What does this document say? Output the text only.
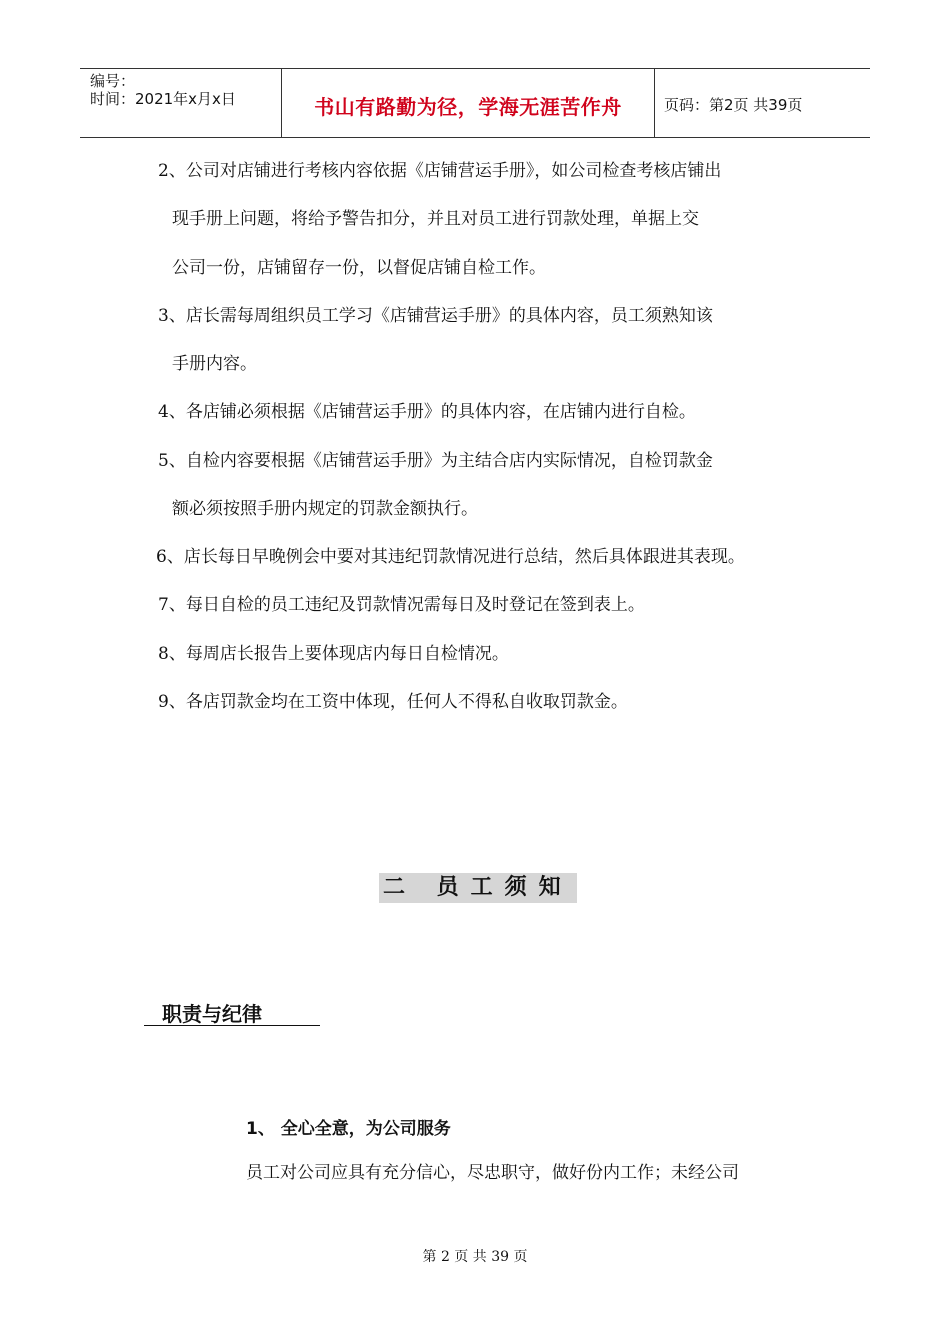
编号：
时间：2021年x月x日	书山有路勤为径，学海无涯苦作舟	页码：第2页 共39页
2、公司对店铺进行考核内容依据《店铺营运手册》，如公司检查考核店铺出
现手册上问题，将给予警告扣分，并且对员工进行罚款处理，单据上交
公司一份，店铺留存一份，以督促店铺自检工作。
3、店长需每周组织员工学习《店铺营运手册》的具体内容，员工须熟知该
手册内容。
4、各店铺必须根据《店铺营运手册》的具体内容，在店铺内进行自检。
5、自检内容要根据《店铺营运手册》为主结合店内实际情况，自检罚款金
额必须按照手册内规定的罚款金额执行。
6、店长每日早晚例会中要对其违纪罚款情况进行总结，然后具体跟进其表现。
7、每日自检的员工违纪及罚款情况需每日及时登记在签到表上。
8、每周店长报告上要体现店内每日自检情况。
9、各店罚款金均在工资中体现，任何人不得私自收取罚款金。
二 员工须知
职责与纪律
1、 全心全意，为公司服务
员工对公司应具有充分信心，尽忠职守，做好份内工作；未经公司
第 2 页 共 39 页
